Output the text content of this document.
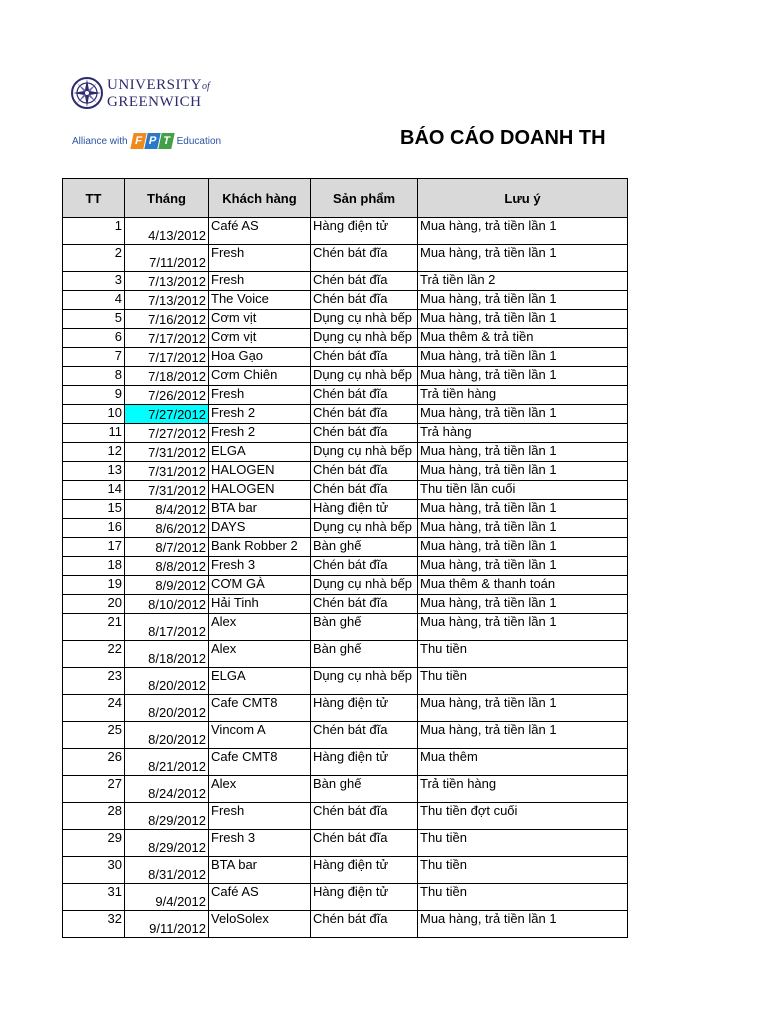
UNIVERSITYof
GREENWICH
Alliance with F P T Education	BÁO CÁO DOANH TH
TT	Tháng	Khách hàng	Sản phẩm	Lưu ý
1	4/13/2012	Café AS	Hàng điện tử	Mua hàng, trả tiền lần 1
2	7/11/2012	Fresh	Chén bát đĩa	Mua hàng, trả tiền lần 1
3	7/13/2012	Fresh	Chén bát đĩa	Trả tiền lần 2
4	7/13/2012	The Voice	Chén bát đĩa	Mua hàng, trả tiền lần 1
5	7/16/2012	Cơm vịt	Dụng cụ nhà bếp	Mua hàng, trả tiền lần 1
6	7/17/2012	Cơm vịt	Dụng cụ nhà bếp	Mua thêm & trả tiền
7	7/17/2012	Hoa Gạo	Chén bát đĩa	Mua hàng, trả tiền lần 1
8	7/18/2012	Cơm Chiên	Dụng cụ nhà bếp	Mua hàng, trả tiền lần 1
9	7/26/2012	Fresh	Chén bát đĩa	Trả tiền hàng
10	7/27/2012	Fresh 2	Chén bát đĩa	Mua hàng, trả tiền lần 1
11	7/27/2012	Fresh 2	Chén bát đĩa	Trả hàng
12	7/31/2012	ELGA	Dụng cụ nhà bếp	Mua hàng, trả tiền lần 1
13	7/31/2012	HALOGEN	Chén bát đĩa	Mua hàng, trả tiền lần 1
14	7/31/2012	HALOGEN	Chén bát đĩa	Thu tiền lần cuối
15	8/4/2012	BTA bar	Hàng điện tử	Mua hàng, trả tiền lần 1
16	8/6/2012	DAYS	Dụng cụ nhà bếp	Mua hàng, trả tiền lần 1
17	8/7/2012	Bank Robber 2	Bàn ghế	Mua hàng, trả tiền lần 1
18	8/8/2012	Fresh 3	Chén bát đĩa	Mua hàng, trả tiền lần 1
19	8/9/2012	CƠM GÀ	Dụng cụ nhà bếp	Mua thêm & thanh toán
20	8/10/2012	Hải Tinh	Chén bát đĩa	Mua hàng, trả tiền lần 1
21	8/17/2012	Alex	Bàn ghế	Mua hàng, trả tiền lần 1
22	8/18/2012	Alex	Bàn ghế	Thu tiền
23	8/20/2012	ELGA	Dụng cụ nhà bếp	Thu tiền
24	8/20/2012	Cafe CMT8	Hàng điện tử	Mua hàng, trả tiền lần 1
25	8/20/2012	Vincom A	Chén bát đĩa	Mua hàng, trả tiền lần 1
26	8/21/2012	Cafe CMT8	Hàng điện tử	Mua thêm
27	8/24/2012	Alex	Bàn ghế	Trả tiền hàng
28	8/29/2012	Fresh	Chén bát đĩa	Thu tiền đợt cuối
29	8/29/2012	Fresh 3	Chén bát đĩa	Thu tiền
30	8/31/2012	BTA bar	Hàng điện tử	Thu tiền
31	9/4/2012	Café AS	Hàng điện tử	Thu tiền
32	9/11/2012	VeloSolex	Chén bát đĩa	Mua hàng, trả tiền lần 1
